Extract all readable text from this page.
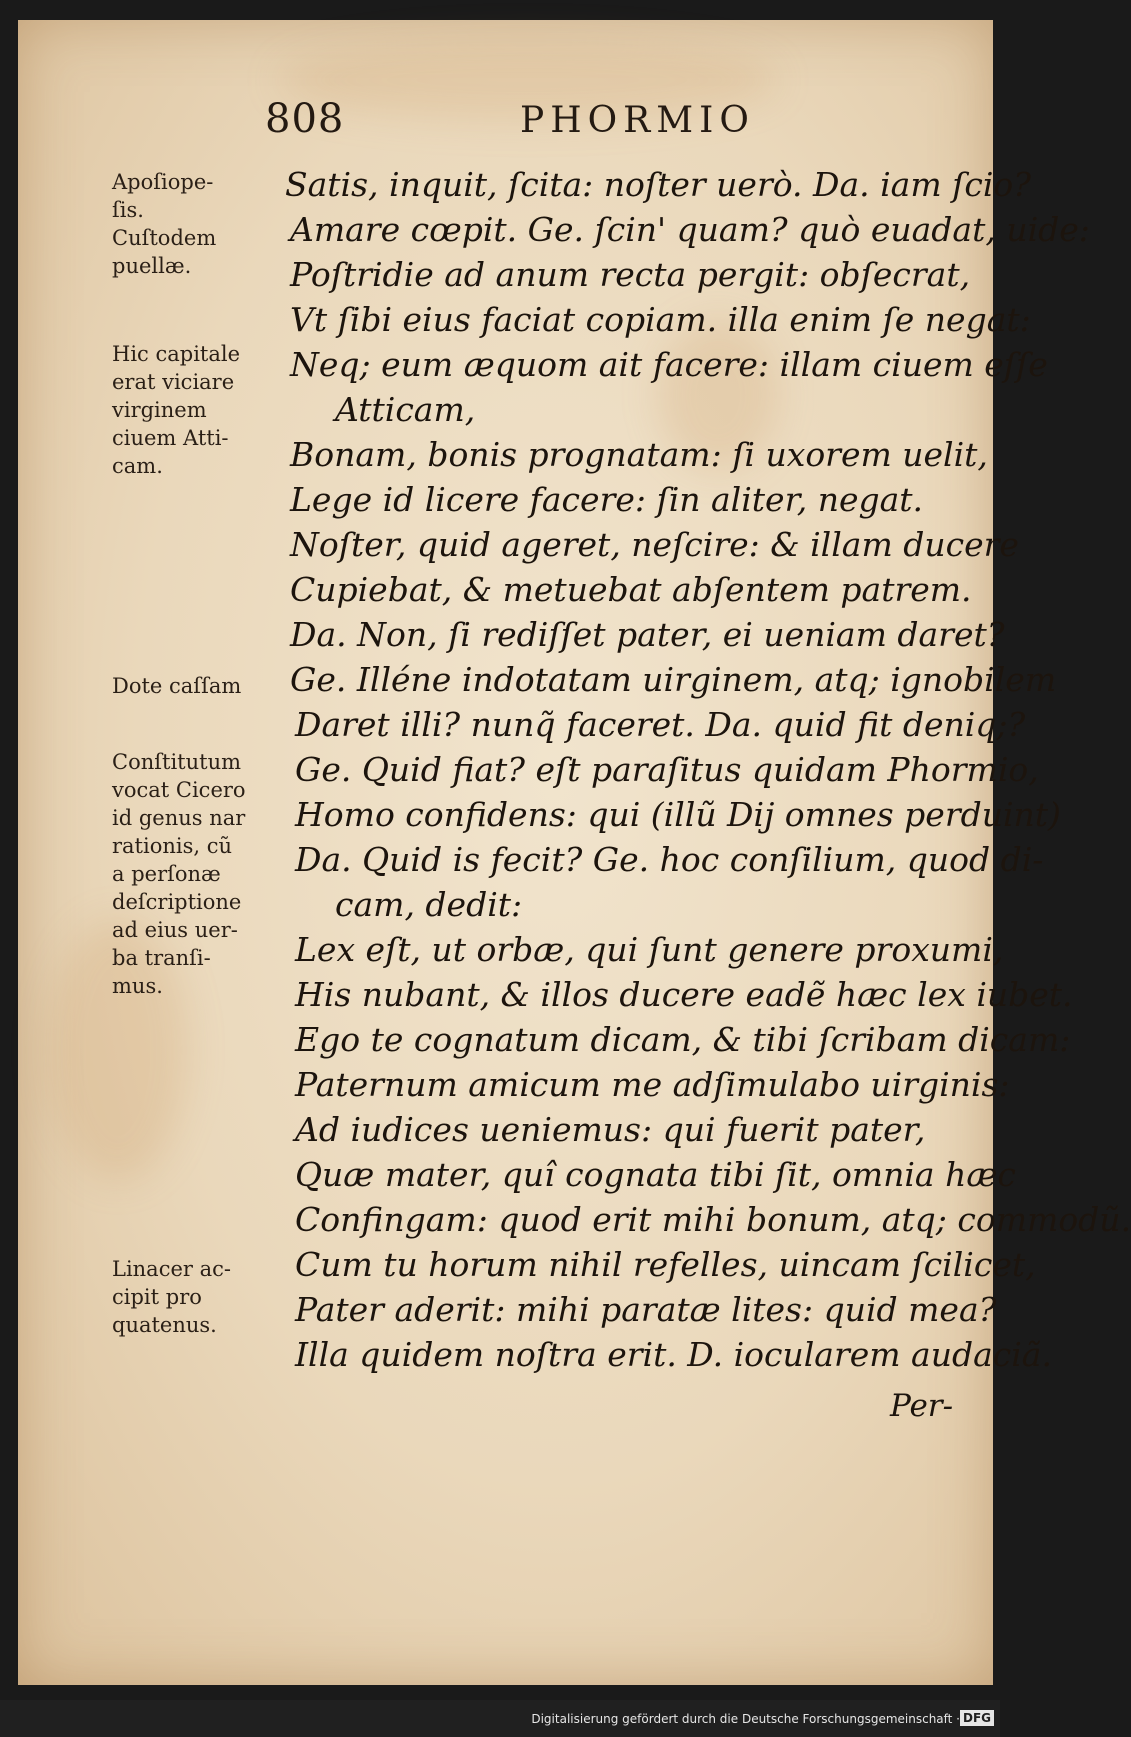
808	PHORMIO
Apoſiope-
ſis.
Cuſtodem
puellæ.
Hic capitale
erat viciare
virginem
ciuem Atti-
cam.
Dote caſſam
Conſtitutum
vocat Cicero
id genus nar
rationis, cũ
a perſonæ
deſcriptione
ad eius uer-
ba tranſi-
mus.
Linacer ac-
cipit pro
quatenus.
Satis, inquit, ſcita: noſter uerò. Da. iam ſcio?
Amare cœpit. Ge. ſcin' quam? quò euadat, uide:
Poſtridie ad anum recta pergit: obſecrat,
Vt ſibi eius faciat copiam. illa enim ſe negat:
Neq; eum æquom ait facere: illam ciuem eſſe
Atticam,
Bonam, bonis prognatam: ſi uxorem uelit,
Lege id licere facere: ſin aliter, negat.
Noſter, quid ageret, neſcire: & illam ducere
Cupiebat, & metuebat abſentem patrem.
Da. Non, ſi rediſſet pater, ei ueniam daret?
Ge. Illéne indotatam uirginem, atq; ignobilem
Daret illi? nunq̃ faceret. Da. quid fit deniq;?
Ge. Quid fiat? eſt paraſitus quidam Phormio,
Homo confidens: qui (illũ Dij omnes perduint)
Da. Quid is fecit? Ge. hoc conſilium, quod di-
cam, dedit:
Lex eſt, ut orbæ, qui ſunt genere proxumi,
His nubant, & illos ducere eadẽ hæc lex iubet.
Ego te cognatum dicam, & tibi ſcribam dicam:
Paternum amicum me adſimulabo uirginis:
Ad iudices ueniemus: qui fuerit pater,
Quæ mater, quî cognata tibi ſit, omnia hæc
Confingam: quod erit mihi bonum, atq; commodũ.
Cum tu horum nihil refelles, uincam ſcilicet,
Pater aderit: mihi paratæ lites: quid mea?
Illa quidem noſtra erit. D. iocularem audaciã.
Per-
Digitalisierung gefördert durch die Deutsche Forschungsgemeinschaft · DFG
